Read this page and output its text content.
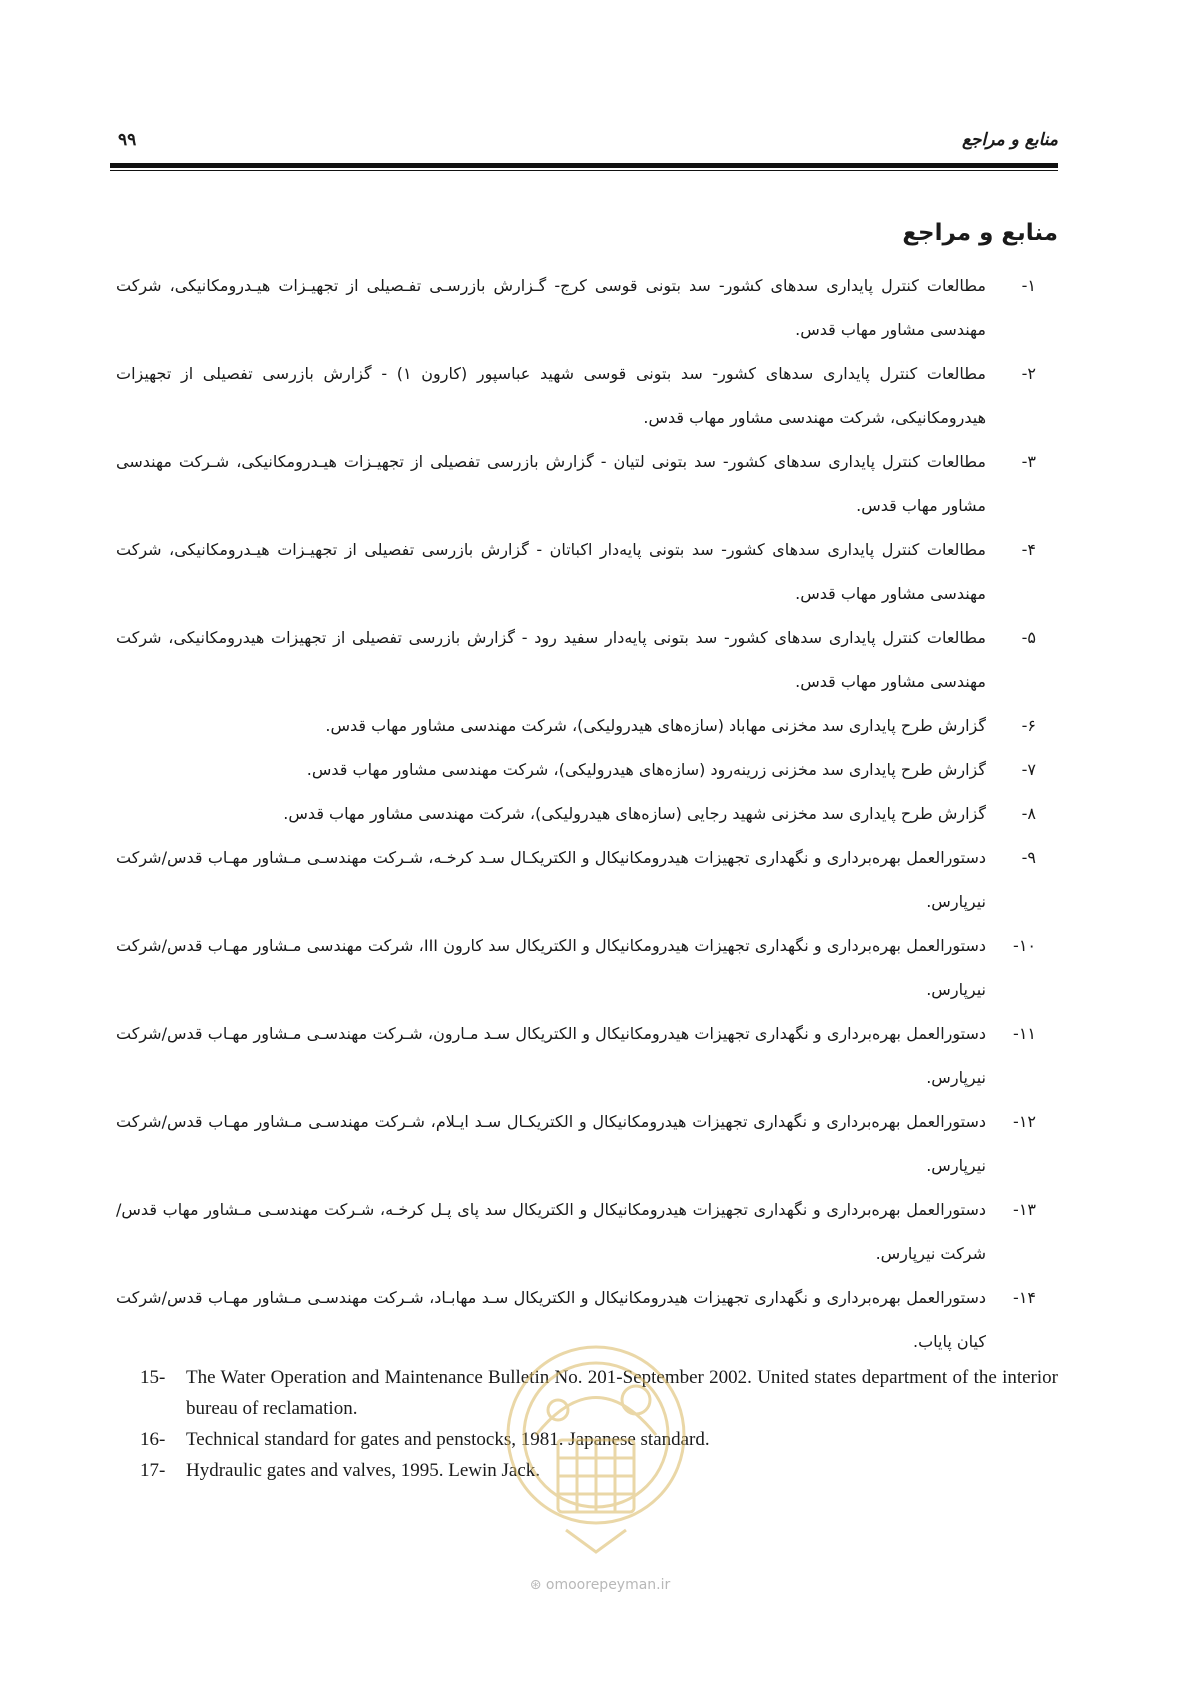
منابع و مراجع
۹۹
منابع و مراجع
۱-
مطالعات کنترل پایداری سدهای کشور- سد بتونی قوسی کرج- گـزارش بازرسـی تفـصیلی از تجهیـزات هیـدرومکانیکی، شرکت مهندسی مشاور مهاب قدس.
۲-
مطالعات کنترل پایداری سدهای کشور- سد بتونی قوسی شهید عباسپور (کارون ۱) - گزارش بازرسی تفصیلی از تجهیزات هیدرومکانیکی، شرکت مهندسی مشاور مهاب قدس.
۳-
مطالعات کنترل پایداری سدهای کشور- سد بتونی لتیان - گزارش بازرسی تفصیلی از تجهیـزات هیـدرومکانیکی، شـرکت مهندسی مشاور مهاب قدس.
۴-
مطالعات کنترل پایداری سدهای کشور- سد بتونی پایه‌دار اکباتان - گزارش بازرسی تفصیلی از تجهیـزات هیـدرومکانیکی، شرکت مهندسی مشاور مهاب قدس.
۵-
مطالعات کنترل پایداری سدهای کشور- سد بتونی پایه‌دار سفید رود - گزارش بازرسی تفصیلی از تجهیزات هیدرومکانیکی، شرکت مهندسی مشاور مهاب قدس.
۶-
گزارش طرح پایداری سد مخزنی مهاباد (سازه‌های هیدرولیکی)، شرکت مهندسی مشاور مهاب قدس.
۷-
گزارش طرح پایداری سد مخزنی زرینه‌رود (سازه‌های هیدرولیکی)، شرکت مهندسی مشاور مهاب قدس.
۸-
گزارش طرح پایداری سد مخزنی شهید رجایی (سازه‌های هیدرولیکی)، شرکت مهندسی مشاور مهاب قدس.
۹-
دستورالعمل بهره‌برداری و نگهداری تجهیزات هیدرومکانیکال و الکتریکـال سـد کرخـه، شـرکت مهندسـی مـشاور مهـاب قدس/شرکت نیرپارس.
۱۰-
دستورالعمل بهره‌برداری و نگهداری تجهیزات هیدرومکانیکال و الکتریکال سد کارون III، شرکت مهندسی مـشاور مهـاب قدس/شرکت نیرپارس.
۱۱-
دستورالعمل بهره‌برداری و نگهداری تجهیزات هیدرومکانیکال و الکتریکال سـد مـارون، شـرکت مهندسـی مـشاور مهـاب قدس/شرکت نیرپارس.
۱۲-
دستورالعمل بهره‌برداری و نگهداری تجهیزات هیدرومکانیکال و الکتریکـال سـد ایـلام، شـرکت مهندسـی مـشاور مهـاب قدس/شرکت نیرپارس.
۱۳-
دستورالعمل بهره‌برداری و نگهداری تجهیزات هیدرومکانیکال و الکتریکال سد پای پـل کرخـه، شـرکت مهندسـی مـشاور مهاب قدس/شرکت نیرپارس.
۱۴-
دستورالعمل بهره‌برداری و نگهداری تجهیزات هیدرومکانیکال و الکتریکال سـد مهابـاد، شـرکت مهندسـی مـشاور مهـاب قدس/شرکت کیان پایاب.
15- The Water Operation and Maintenance Bulletin No. 201-September 2002. United states department of the interior bureau of reclamation.
16- Technical standard for gates and penstocks, 1981. Japanese standard.
17- Hydraulic gates and valves, 1995. Lewin Jack.
⊛ omoorepeyman.ir
